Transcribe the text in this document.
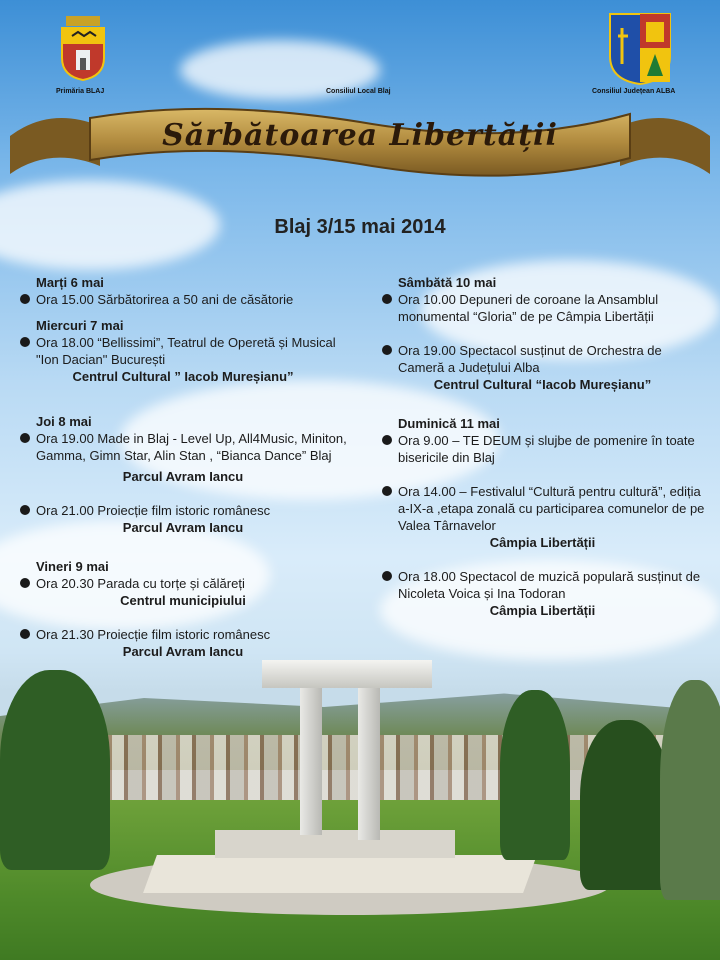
Primăria BLAJ	Consiliul Local Blaj	Consiliul Județean ALBA
Sărbătoarea Libertății
Blaj 3/15 mai 2014
Marți 6 mai
Ora 15.00 Sărbătorirea a 50 ani de căsătorie
Miercuri 7 mai
Ora 18.00 “Bellissimi”, Teatrul de Operetă și Musical "Ion Dacian" București
Centrul Cultural ” Iacob Mureșianu”
Joi 8 mai
Ora 19.00 Made in Blaj - Level Up, All4Music, Miniton, Gamma, Gimn Star, Alin Stan , “Bianca Dance” Blaj
Parcul Avram Iancu
Ora 21.00 Proiecție film istoric românesc
Parcul Avram Iancu
Vineri 9 mai
Ora 20.30 Parada cu torțe și călăreți
Centrul municipiului
Ora 21.30 Proiecție film istoric românesc
Parcul Avram Iancu
Sâmbătă 10 mai
Ora 10.00 Depuneri de coroane la Ansamblul monumental “Gloria” de pe Câmpia Libertății
Ora 19.00 Spectacol susținut de Orchestra de Cameră a Județului Alba
Centrul Cultural “Iacob Mureșianu”
Duminică 11 mai
Ora 9.00 – TE DEUM și slujbe de pomenire în toate bisericile din Blaj
Ora 14.00 – Festivalul “Cultură pentru cultură”, ediția a-IX-a ,etapa zonală cu participarea comunelor de pe Valea Târnavelor
Câmpia Libertății
Ora 18.00 Spectacol de muzică populară susținut de Nicoleta Voica și Ina Todoran
Câmpia Libertății
